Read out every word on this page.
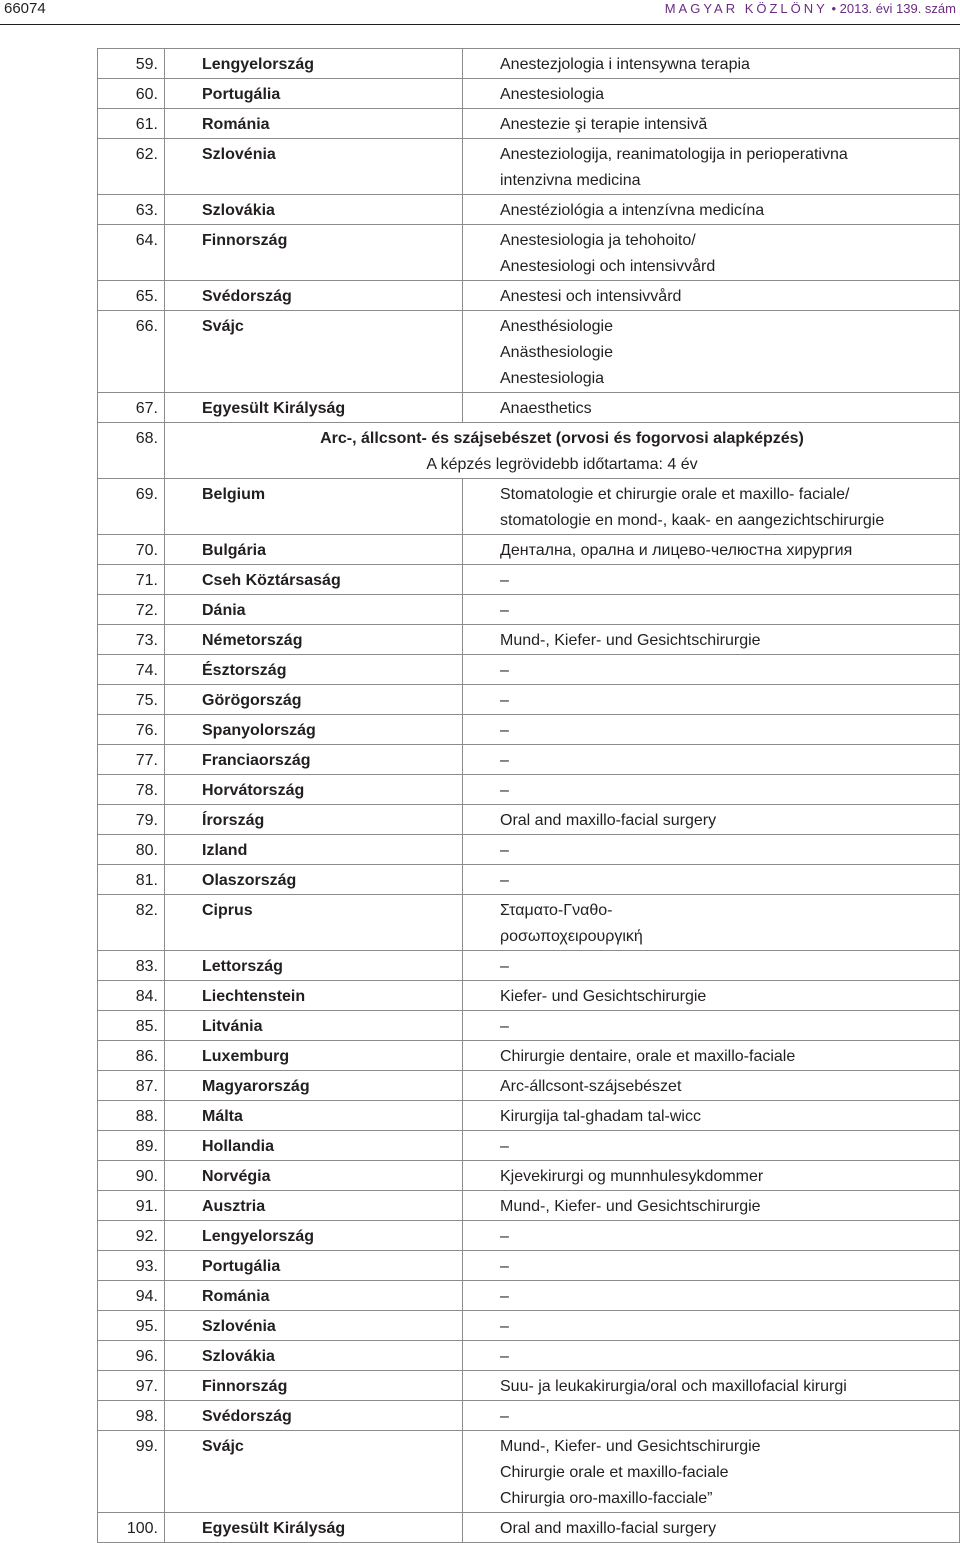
66074	MAGYAR KÖZLÖNY • 2013. évi 139. szám
59.	Lengyelország	Anestezjologia i intensywna terapia

60.	Portugália	Anestesiologia

61.	Románia	Anestezie şi terapie intensivă

62.	Szlovénia	Anesteziologija, reanimatologija in perioperativna
intenzivna medicina

63.	Szlovákia	Anestéziológia a intenzívna medicína

64.	Finnország	Anestesiologia ja tehohoito/
Anestesiologi och intensivvård

65.	Svédország	Anestesi och intensivvård

66.	Svájc	Anesthésiologie
Anästhesiologie
Anestesiologia

67.	Egyesült Királyság	Anaesthetics

68.	Arc-, állcsont- és szájsebészet (orvosi és fogorvosi alapképzés)
A képzés legrövidebb időtartama: 4 év	

69.	Belgium	Stomatologie et chirurgie orale et maxillo- faciale/
stomatologie en mond-, kaak- en aangezichtschirurgie

70.	Bulgária	Дентална, орална и лицево-челюстна хирургия

71.	Cseh Köztársaság	–

72.	Dánia	–

73.	Németország	Mund-, Kiefer- und Gesichtschirurgie

74.	Észtország	–

75.	Görögország	–

76.	Spanyolország	–

77.	Franciaország	–

78.	Horvátország	–

79.	Írország	Oral and maxillo-facial surgery

80.	Izland	–

81.	Olaszország	–

82.	Ciprus	Σταματο-Γναθο-
ροσωποχειρουργική

83.	Lettország	–

84.	Liechtenstein	Kiefer- und Gesichtschirurgie

85.	Litvánia	–

86.	Luxemburg	Chirurgie dentaire, orale et maxillo-faciale

87.	Magyarország	Arc-állcsont-szájsebészet

88.	Málta	Kirurgija tal-ghadam tal-wicc

89.	Hollandia	–

90.	Norvégia	Kjevekirurgi og munnhulesykdommer

91.	Ausztria	Mund-, Kiefer- und Gesichtschirurgie

92.	Lengyelország	–

93.	Portugália	–

94.	Románia	–

95.	Szlovénia	–

96.	Szlovákia	–

97.	Finnország	Suu- ja leukakirurgia/oral och maxillofacial kirurgi

98.	Svédország	–

99.	Svájc	Mund-, Kiefer- und Gesichtschirurgie
Chirurgie orale et maxillo-faciale
Chirurgia oro-maxillo-facciale”

100.	Egyesült Királyság	Oral and maxillo-facial surgery
